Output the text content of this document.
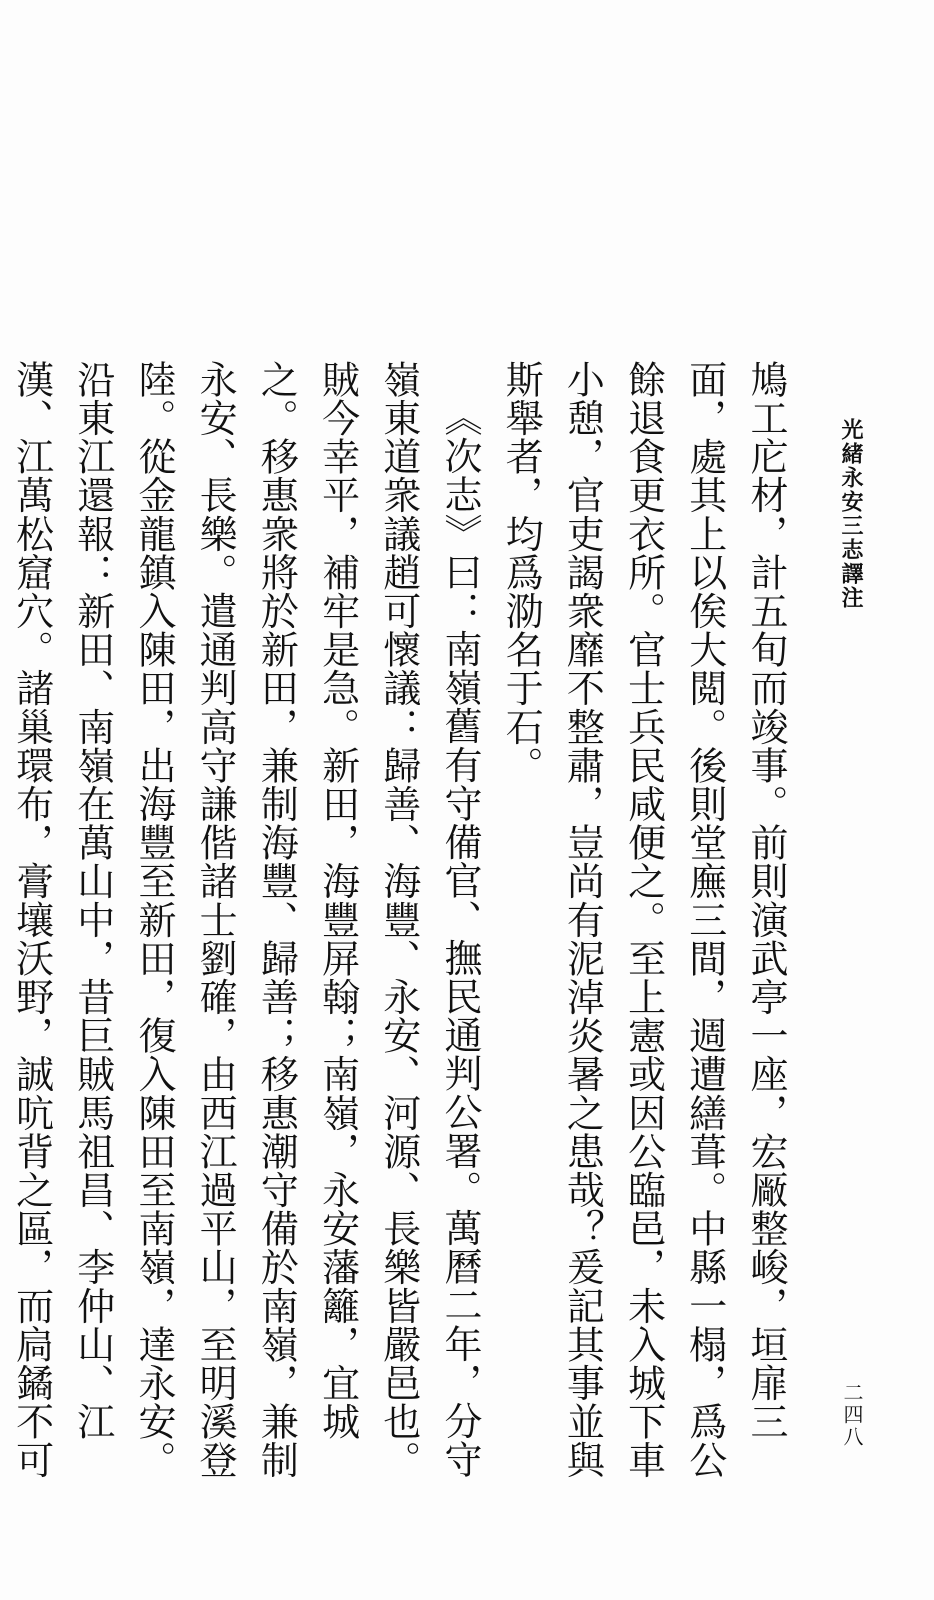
光緒永安三志譯注

鳩工庀材，計五旬而竣事。前則演武亭一座，宏厰整峻，垣扉三面，處其上以俟大閲。後則堂廡三間，週遭繕葺。中縣一榻，爲公餘退食更衣所。官士兵民咸便之。至上憲或因公臨邑，未入城下車小憩，官吏謁衆靡不整肅，豈尚有泥淖炎暑之患哉？爰記其事並與斯舉者，均爲泐名于石。

《次志》曰：南嶺舊有守備官、撫民通判公署。萬曆二年，分守嶺東道衆議趙可懷議：歸善、海豐、永安、河源、長樂皆嚴邑也。賊今幸平，補牢是急。新田，海豐屏翰；南嶺，永安藩籬，宜城之。移惠衆將於新田，兼制海豐、歸善；移惠潮守備於南嶺，兼制永安、長樂。遣通判高守謙偕諸士劉確，由西江過平山，至明溪登陸。從金龍鎮入陳田，出海豐至新田，復入陳田至南嶺，達永安。沿東江還報：新田、南嶺在萬山中，昔巨賊馬祖昌、李仲山、江漢、江萬松窟穴。諸巢環布，膏壤沃野，誠吭背之區，而扃鐍不可

二四八
